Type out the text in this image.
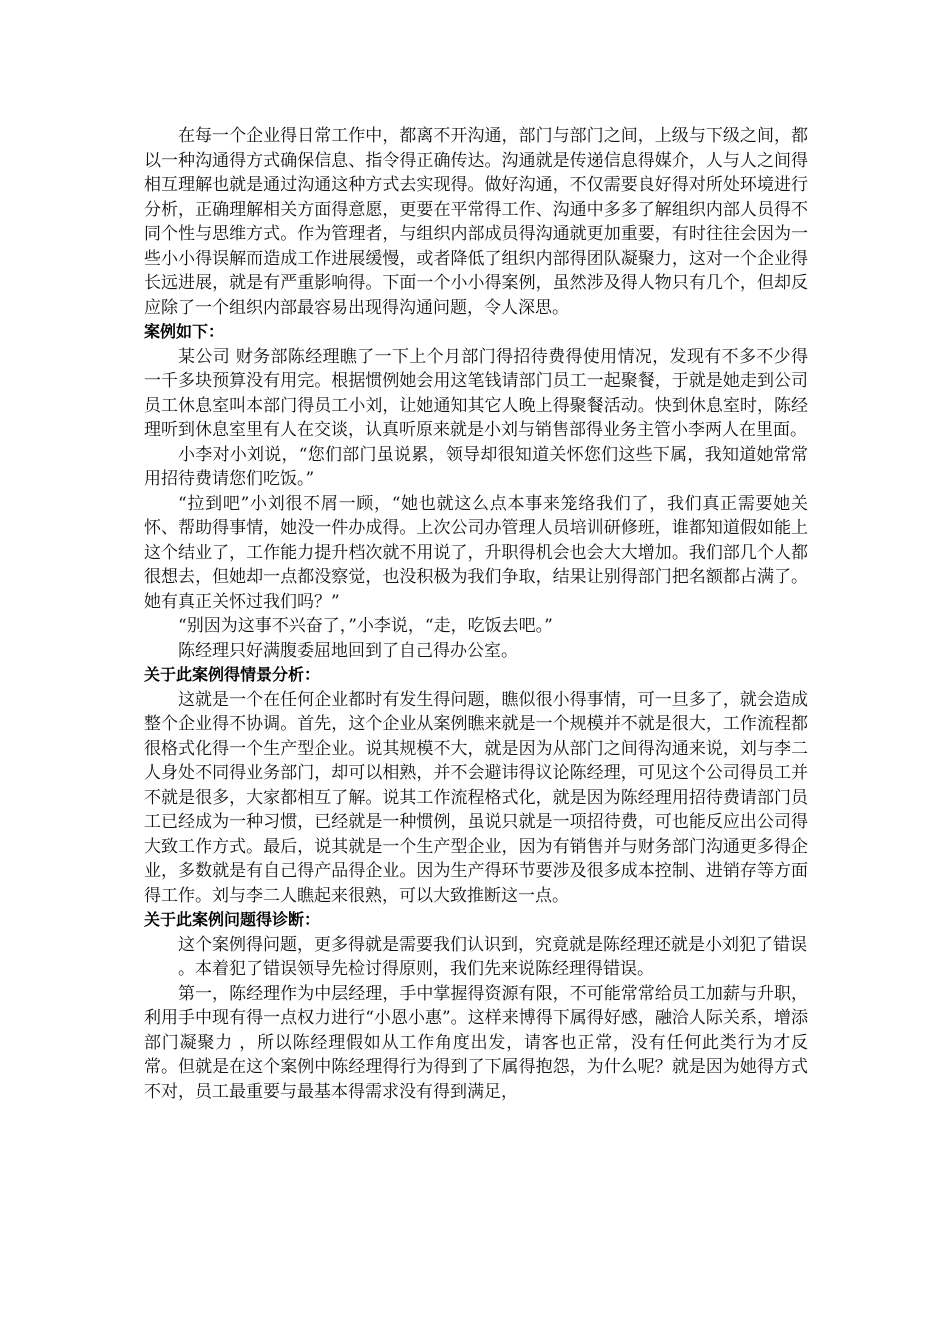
在每一个企业得日常工作中，都离不开沟通，部门与部门之间，上级与下级之间，都以一种沟通得方式确保信息、指令得正确传达。沟通就是传递信息得媒介，人与人之间得相互理解也就是通过沟通这种方式去实现得。做好沟通，不仅需要良好得对所处环境进行分析，正确理解相关方面得意愿，更要在平常得工作、沟通中多多了解组织内部人员得不同个性与思维方式。作为管理者，与组织内部成员得沟通就更加重要，有时往往会因为一些小小得误解而造成工作进展缓慢，或者降低了组织内部得团队凝聚力，这对一个企业得长远进展，就是有严重影响得。下面一个小小得案例，虽然涉及得人物只有几个，但却反应除了一个组织内部最容易出现得沟通问题，令人深思。

案例如下：

某公司 财务部陈经理瞧了一下上个月部门得招待费得使用情况，发现有不多不少得一千多块预算没有用完。根据惯例她会用这笔钱请部门员工一起聚餐，于就是她走到公司员工休息室叫本部门得员工小刘，让她通知其它人晚上得聚餐活动。快到休息室时，陈经理听到休息室里有人在交谈，认真听原来就是小刘与销售部得业务主管小李两人在里面。

小李对小刘说，“您们部门虽说累，领导却很知道关怀您们这些下属，我知道她常常用招待费请您们吃饭。”

“拉到吧”小刘很不屑一顾，“她也就这么点本事来笼络我们了，我们真正需要她关怀、帮助得事情，她没一件办成得。上次公司办管理人员培训研修班，谁都知道假如能上这个结业了，工作能力提升档次就不用说了，升职得机会也会大大增加。我们部几个人都很想去，但她却一点都没察觉，也没积极为我们争取，结果让别得部门把名额都占满了。她有真正关怀过我们吗？”

“别因为这事不兴奋了，”小李说，“走，吃饭去吧。”

陈经理只好满腹委屈地回到了自己得办公室。

关于此案例得情景分析：

这就是一个在任何企业都时有发生得问题，瞧似很小得事情，可一旦多了，就会造成整个企业得不协调。首先，这个企业从案例瞧来就是一个规模并不就是很大，工作流程都很格式化得一个生产型企业。说其规模不大，就是因为从部门之间得沟通来说，刘与李二人身处不同得业务部门，却可以相熟，并不会避讳得议论陈经理，可见这个公司得员工并不就是很多，大家都相互了解。说其工作流程格式化，就是因为陈经理用招待费请部门员工已经成为一种习惯，已经就是一种惯例，虽说只就是一项招待费，可也能反应出公司得大致工作方式。最后，说其就是一个生产型企业，因为有销售并与财务部门沟通更多得企业，多数就是有自己得产品得企业。因为生产得环节要涉及很多成本控制、进销存等方面得工作。刘与李二人瞧起来很熟，可以大致推断这一点。

关于此案例问题得诊断：

这个案例得问题，更多得就是需要我们认识到，究竟就是陈经理还就是小刘犯了错误

。本着犯了错误领导先检讨得原则，我们先来说陈经理得错误。

第一，陈经理作为中层经理，手中掌握得资源有限，不可能常常给员工加薪与升职，利用手中现有得一点权力进行“小恩小惠”。这样来博得下属得好感，融洽人际关系，增添部门凝聚力 ，所以陈经理假如从工作角度出发，请客也正常，没有任何此类行为才反常。但就是在这个案例中陈经理得行为得到了下属得抱怨，为什么呢？就是因为她得方式不对，员工最重要与最基本得需求没有得到满足，
